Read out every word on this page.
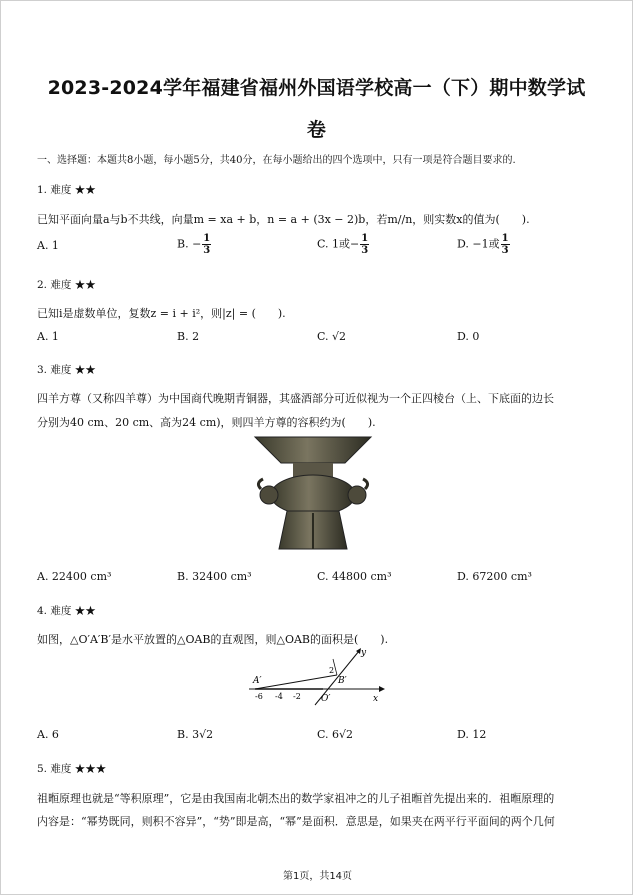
2023-2024学年福建省福州外国语学校高一（下）期中数学试
卷
一、选择题：本题共8小题，每小题5分，共40分，在每小题给出的四个选项中，只有一项是符合题目要求的.
1. 难度 ★★
已知平面向量a与b不共线，向量m = xa + b，n = a + (3x − 2)b，若m//n，则实数x的值为(　　).
A. 1	B. − $\frac{1}{3}$	C. 1或− $\frac{1}{3}$	D. −1或 $\frac{1}{3}$
2. 难度 ★★
已知i是虚数单位，复数z = i + i²，则|z| = (　　).
A. 1	B. 2	C. √2	D. 0
3. 难度 ★★
四羊方尊（又称四羊尊）为中国商代晚期青铜器，其盛酒部分可近似视为一个正四棱台（上、下底面的边长
分别为40 cm、20 cm、高为24 cm)，则四羊方尊的容积约为(　　).
A. 22400 cm³	B. 32400 cm³	C. 44800 cm³	D. 67200 cm³
4. 难度 ★★
如图，△O′A′B′是水平放置的△OAB的直观图，则△OAB的面积是(　　).
A′	B′
O′
2
-6 -4 -2	x
y
A. 6	B. 3√2	C. 6√2	D. 12
5. 难度 ★★★
祖暅原理也就是“等积原理”，它是由我国南北朝杰出的数学家祖冲之的儿子祖暅首先提出来的．祖暅原理的
内容是：“幂势既同，则积不容异”，“势”即是高，“幂”是面积．意思是，如果夹在两平行平面间的两个几何
第1页，共14页
